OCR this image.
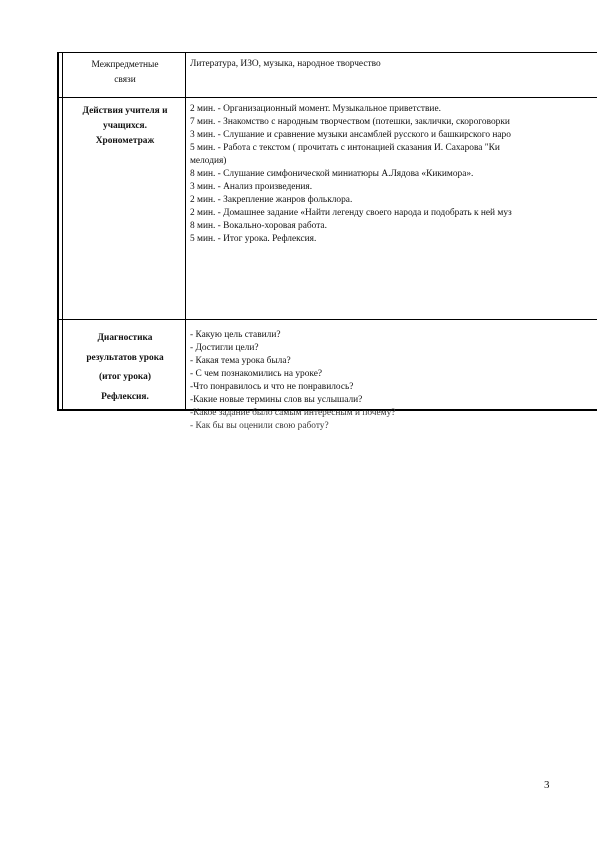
Межпредметные
связи

Литература, ИЗО, музыка, народное творчество

Действия учителя и
учащихся.
Хронометраж

2 мин. - Организационный момент. Музыкальное приветствие.
7 мин. - Знакомство с народным творчеством (потешки, заклички, скороговорки
3 мин. - Слушание и сравнение музыки ансамблей русского и башкирского наро
5 мин. - Работа с текстом ( прочитать с интонацией сказания И. Сахарова "Ки
мелодия)
8 мин. - Слушание симфонической миниатюры А.Лядова «Кикимора».
3 мин. - Анализ произведения.
2 мин. - Закрепление жанров фольклора.
2 мин. - Домашнее задание «Найти легенду своего народа и подобрать к ней муз
8 мин. - Вокально-хоровая работа.
5 мин. - Итог урока. Рефлексия.

Диагностика
результатов урока
(итог урока)
Рефлексия.

- Какую цель ставили?
- Достигли цели?
- Какая тема урока была?
- С чем познакомились на уроке?
-Что понравилось и что не понравилось?
-Какие новые термины слов вы услышали?
-Какое задание было самым интересным и почему?
- Как бы вы оценили свою работу?

3
